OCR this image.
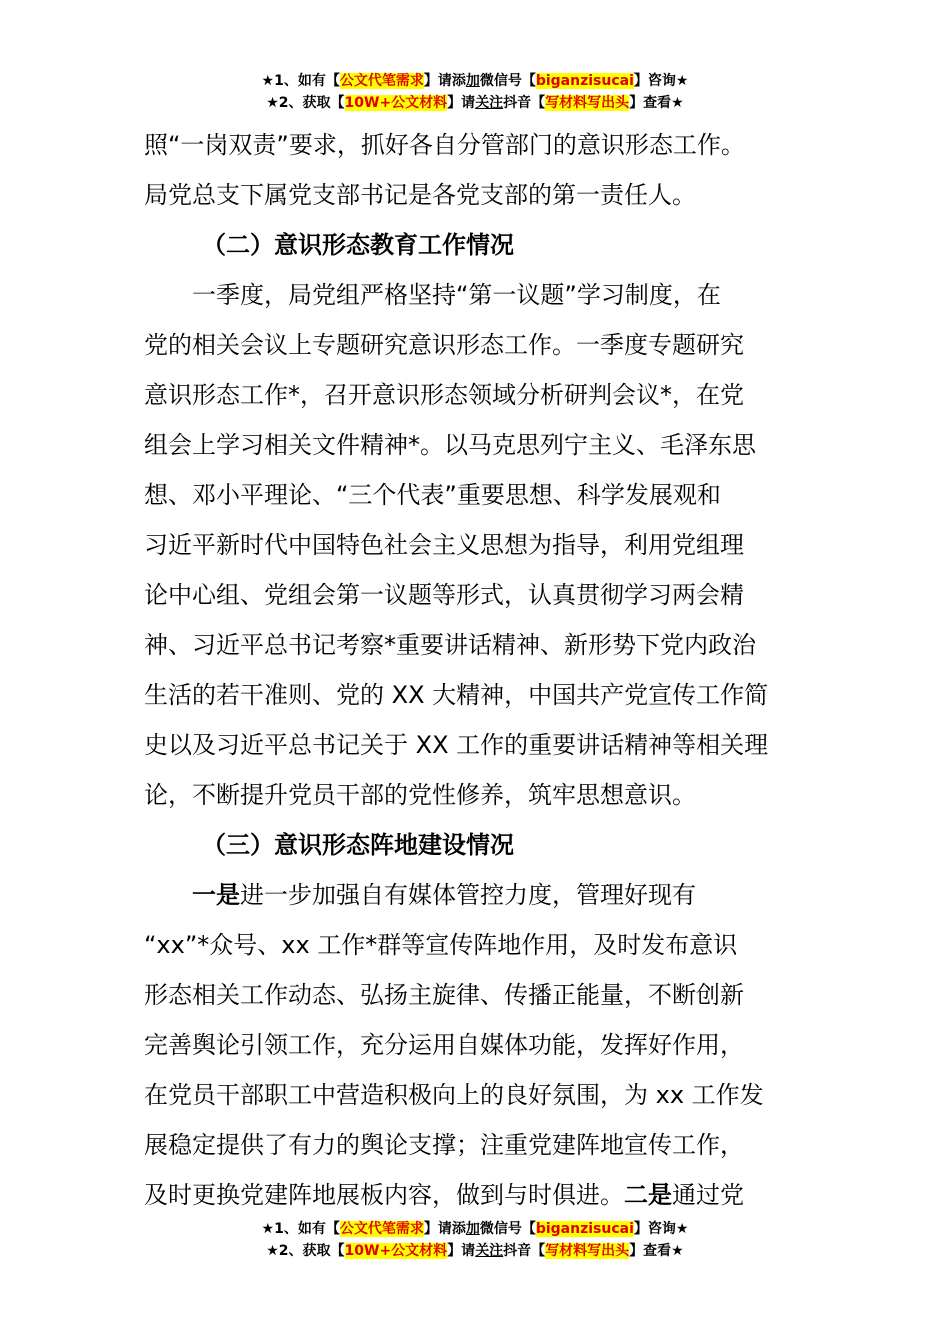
★1、如有【公文代笔需求】请添加微信号【biganzisucai】咨询★
★2、获取【10W+公文材料】请关注抖音【写材料写出头】查看★
照“一岗双责”要求，抓好各自分管部门的意识形态工作。
局党总支下属党支部书记是各党支部的第一责任人。
（二）意识形态教育工作情况
一季度，局党组严格坚持“第一议题”学习制度，在
党的相关会议上专题研究意识形态工作。一季度专题研究
意识形态工作*，召开意识形态领域分析研判会议*，在党
组会上学习相关文件精神*。以马克思列宁主义、毛泽东思
想、邓小平理论、“三个代表”重要思想、科学发展观和
习近平新时代中国特色社会主义思想为指导，利用党组理
论中心组、党组会第一议题等形式，认真贯彻学习两会精
神、习近平总书记考察*重要讲话精神、新形势下党内政治
生活的若干准则、党的 XX 大精神，中国共产党宣传工作简
史以及习近平总书记关于 XX 工作的重要讲话精神等相关理
论，不断提升党员干部的党性修养，筑牢思想意识。
（三）意识形态阵地建设情况
一是进一步加强自有媒体管控力度，管理好现有
“xx”*众号、xx 工作*群等宣传阵地作用，及时发布意识
形态相关工作动态、弘扬主旋律、传播正能量，不断创新
完善舆论引领工作，充分运用自媒体功能，发挥好作用，
在党员干部职工中营造积极向上的良好氛围，为 xx 工作发
展稳定提供了有力的舆论支撑；注重党建阵地宣传工作，
及时更换党建阵地展板内容，做到与时俱进。二是通过党
★1、如有【公文代笔需求】请添加微信号【biganzisucai】咨询★
★2、获取【10W+公文材料】请关注抖音【写材料写出头】查看★
